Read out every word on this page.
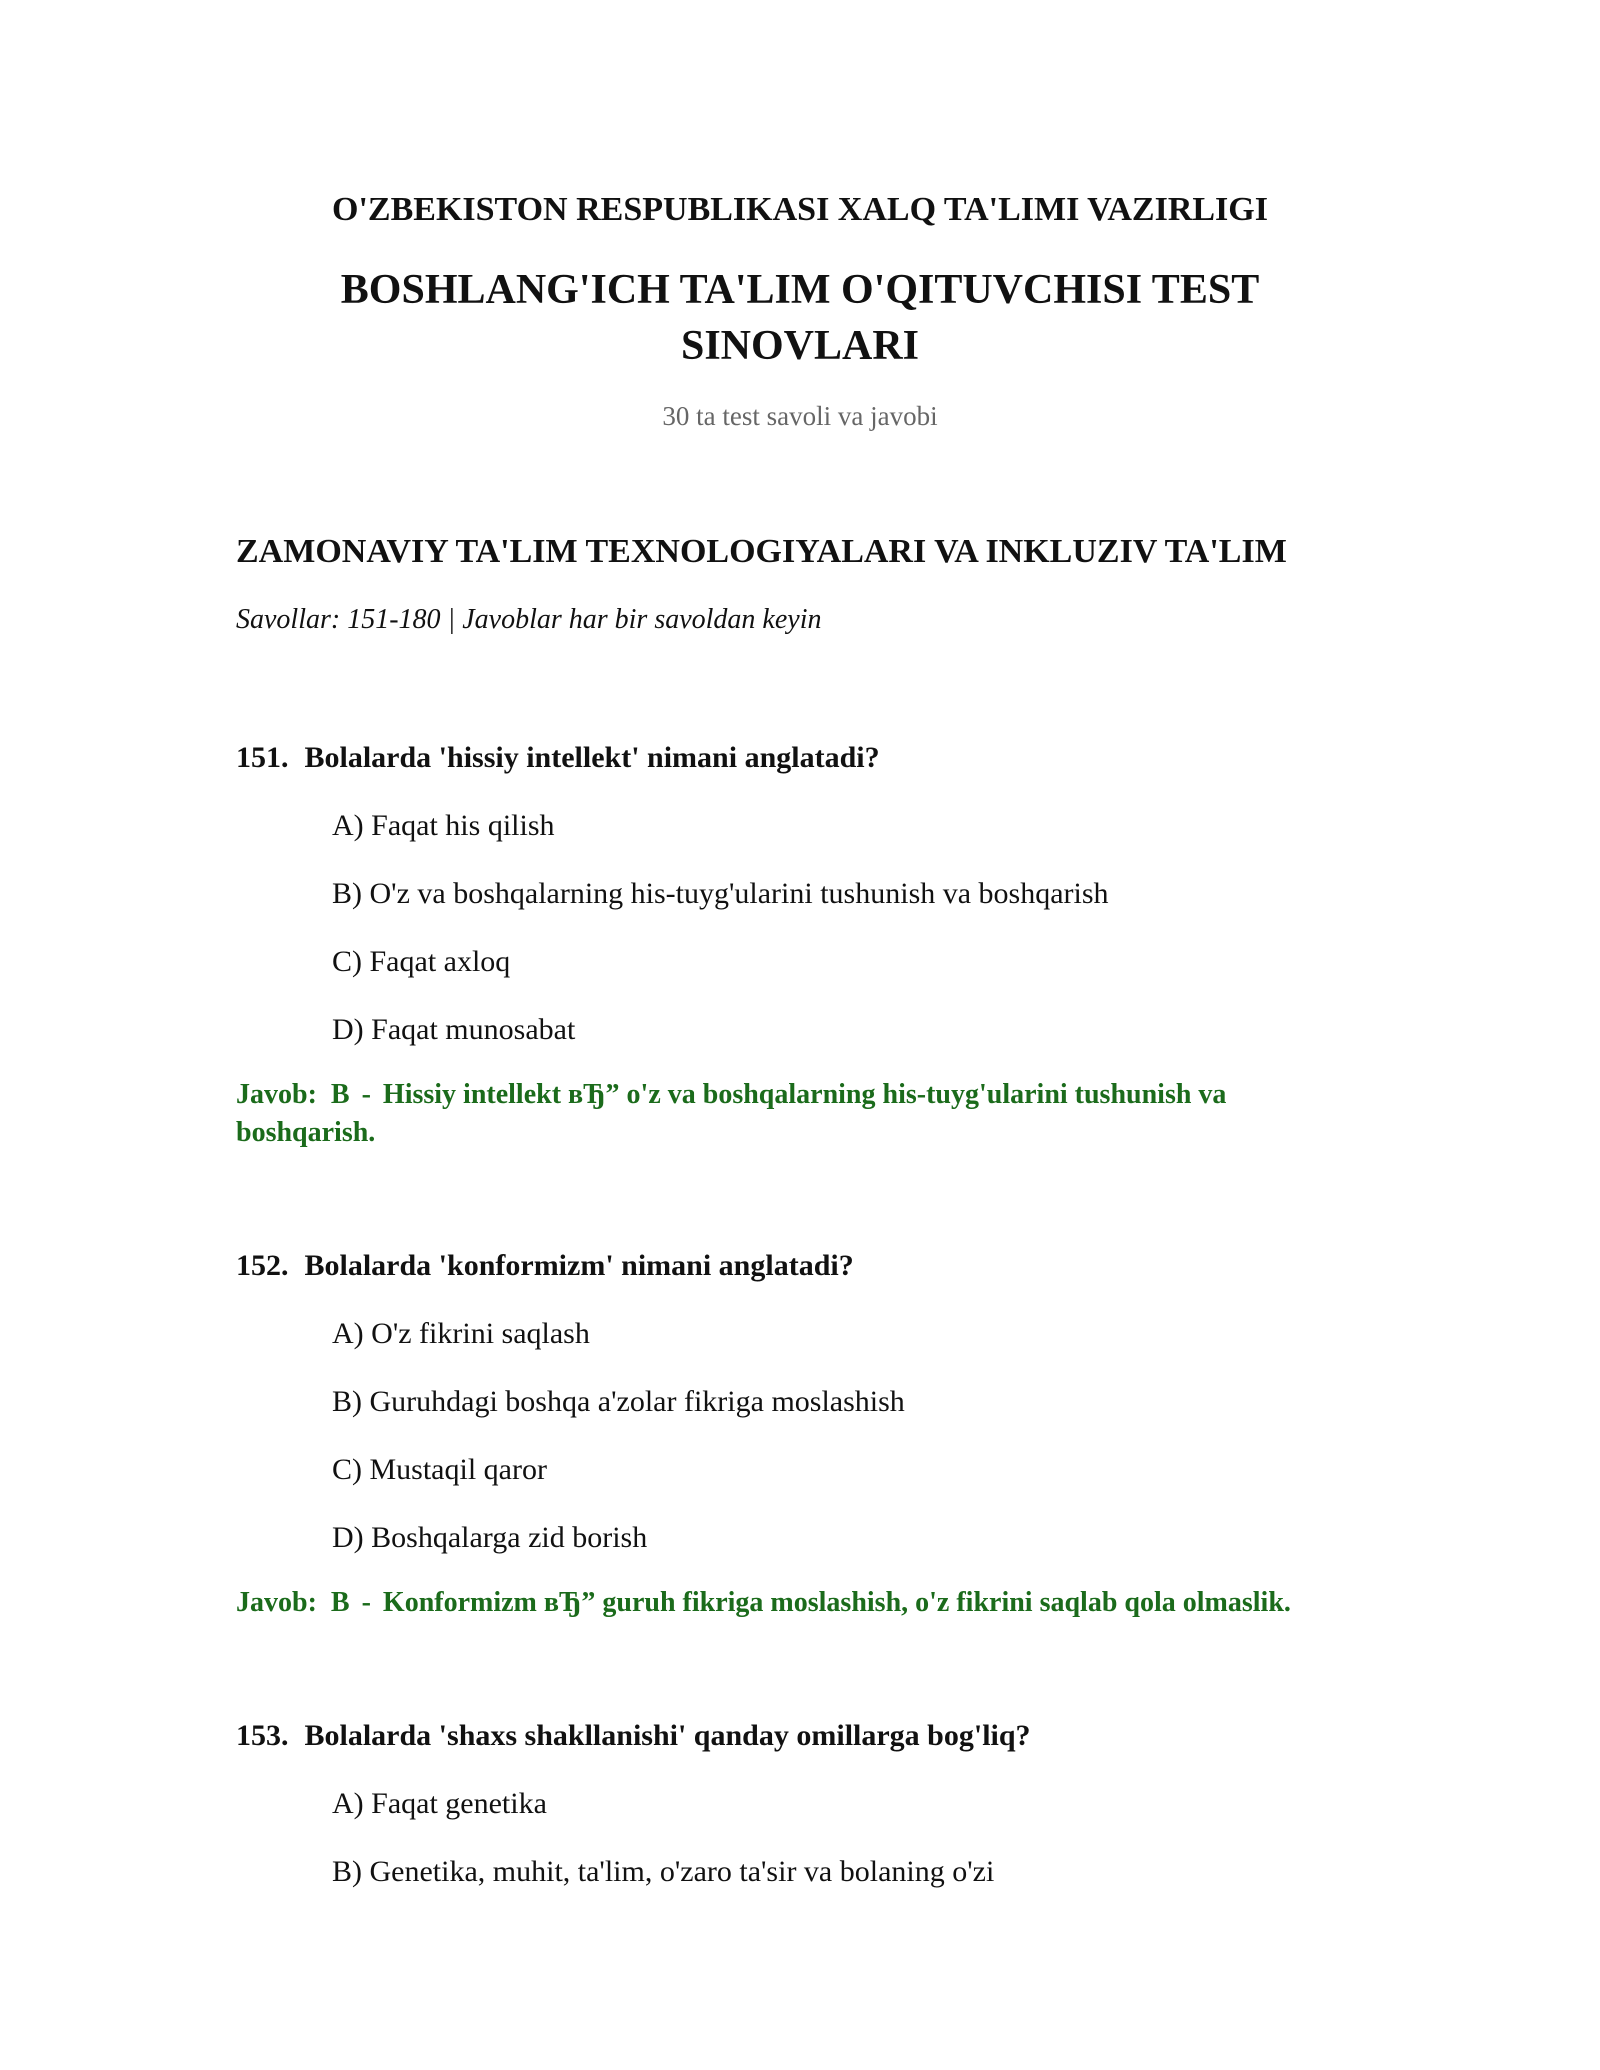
O'ZBEKISTON RESPUBLIKASI XALQ TA'LIMI VAZIRLIGI
BOSHLANG'ICH TA'LIM O'QITUVCHISI TEST
SINOVLARI
30 ta test savoli va javobi
ZAMONAVIY TA'LIM TEXNOLOGIYALARI VA INKLUZIV TA'LIM
Savollar: 151-180 | Javoblar har bir savoldan keyin
151. Bolalarda 'hissiy intellekt' nimani anglatadi?
A) Faqat his qilish
B) O'z va boshqalarning his-tuyg'ularini tushunish va boshqarish
C) Faqat axloq
D) Faqat munosabat
Javob: B - Hissiy intellekt вЂ” o'z va boshqalarning his-tuyg'ularini tushunish va boshqarish.
152. Bolalarda 'konformizm' nimani anglatadi?
A) O'z fikrini saqlash
B) Guruhdagi boshqa a'zolar fikriga moslashish
C) Mustaqil qaror
D) Boshqalarga zid borish
Javob: B - Konformizm вЂ” guruh fikriga moslashish, o'z fikrini saqlab qola olmaslik.
153. Bolalarda 'shaxs shakllanishi' qanday omillarga bog'liq?
A) Faqat genetika
B) Genetika, muhit, ta'lim, o'zaro ta'sir va bolaning o'zi
